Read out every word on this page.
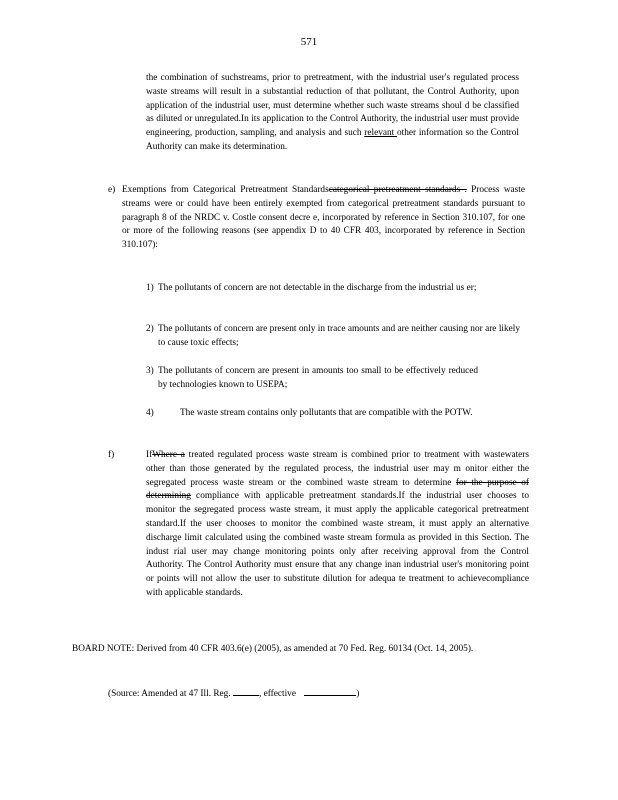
571

the combination of suchstreams, prior to pretreatment, with the industrial user's regulated process waste streams will result in a substantial reduction of that pollutant, the Control Authority, upon application of the industrial user, must determine whether such waste streams shoul d be classified as diluted or unregulated.In its application to the Control Authority, the industrial user must provide engineering, production, sampling, and analysis and such relevant other information so the Control Authority can make its determination.

e) Exemptions from Categorical Pretreatment Standardscategorical pretreatment standards . Process waste streams were or could have been entirely exempted from categorical pretreatment standards pursuant to paragraph 8 of the NRDC v. Costle consent decre e, incorporated by reference in Section 310.107, for one or more of the following reasons (see appendix D to 40 CFR 403, incorporated by reference in Section 310.107):

1) The pollutants of concern are not detectable in the discharge from the industrial us er;

2) The pollutants of concern are present only in trace amounts and are neither causing nor are likely to cause toxic effects;

3) The pollutants of concern are present in amounts too small to be effectively reduced by technologies known to USEPA;

4)	The waste stream contains only pollutants that are compatible with the POTW.

f)	IfWhere a treated regulated process waste stream is combined prior to treatment with wastewaters other than those generated by the regulated process, the industrial user may m onitor either the segregated process waste stream or the combined waste stream to determine for the purpose of determining compliance with applicable pretreatment standards.If the industrial user chooses to monitor the segregated process waste stream, it must apply the applicable categorical pretreatment standard.If the user chooses to monitor the combined waste stream, it must apply an alternative discharge limit calculated using the combined waste stream formula as provided in this Section. The indust rial user may change monitoring points only after receiving approval from the Control Authority. The Control Authority must ensure that any change inan industrial user's monitoring point or points will not allow the user to substitute dilution for adequa te treatment to achievecompliance with applicable standards.

BOARD NOTE: Derived from 40 CFR 403.6(e) (2005), as amended at 70 Fed. Reg. 60134 (Oct. 14, 2005).

(Source: Amended at 47 Ill. Reg.	, effective	)
